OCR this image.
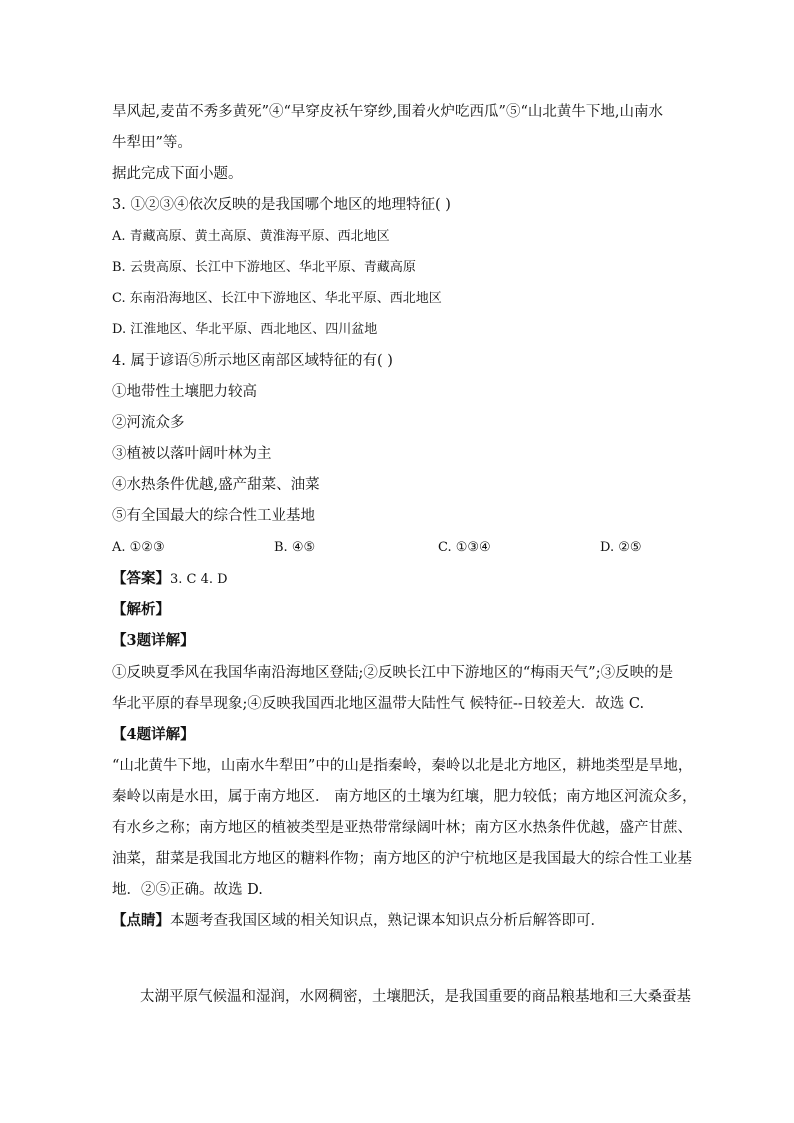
旱风起,麦苗不秀多黄死”④“早穿皮袄午穿纱,围着火炉吃西瓜”⑤“山北黄牛下地,山南水
牛犁田”等。
据此完成下面小题。
3. ①②③④依次反映的是我国哪个地区的地理特征( )
A. 青藏高原、黄土高原、黄淮海平原、西北地区
B. 云贵高原、长江中下游地区、华北平原、青藏高原
C. 东南沿海地区、长江中下游地区、华北平原、西北地区
D. 江淮地区、华北平原、西北地区、四川盆地
4. 属于谚语⑤所示地区南部区域特征的有( )
①地带性土壤肥力较高
②河流众多
③植被以落叶阔叶林为主
④水热条件优越,盛产甜菜、油菜
⑤有全国最大的综合性工业基地
A. ①②③	B. ④⑤	C. ①③④	D. ②⑤
【答案】3. C 4. D
【解析】
【3题详解】
①反映夏季风在我国华南沿海地区登陆;②反映长江中下游地区的“梅雨天气”;③反映的是
华北平原的春旱现象;④反映我国西北地区温带大陆性气 候特征--日较差大．故选 C.
【4题详解】
“山北黄牛下地，山南水牛犁田”中的山是指秦岭，秦岭以北是北方地区，耕地类型是旱地，
秦岭以南是水田，属于南方地区． 南方地区的土壤为红壤，肥力较低；南方地区河流众多，
有水乡之称；南方地区的植被类型是亚热带常绿阔叶林；南方区水热条件优越，盛产甘蔗、
油菜，甜菜是我国北方地区的糖料作物；南方地区的沪宁杭地区是我国最大的综合性工业基
地．②⑤正确。故选 D.
【点睛】本题考查我国区域的相关知识点，熟记课本知识点分析后解答即可．
太湖平原气候温和湿润，水网稠密，土壤肥沃，是我国重要的商品粮基地和三大桑蚕基
